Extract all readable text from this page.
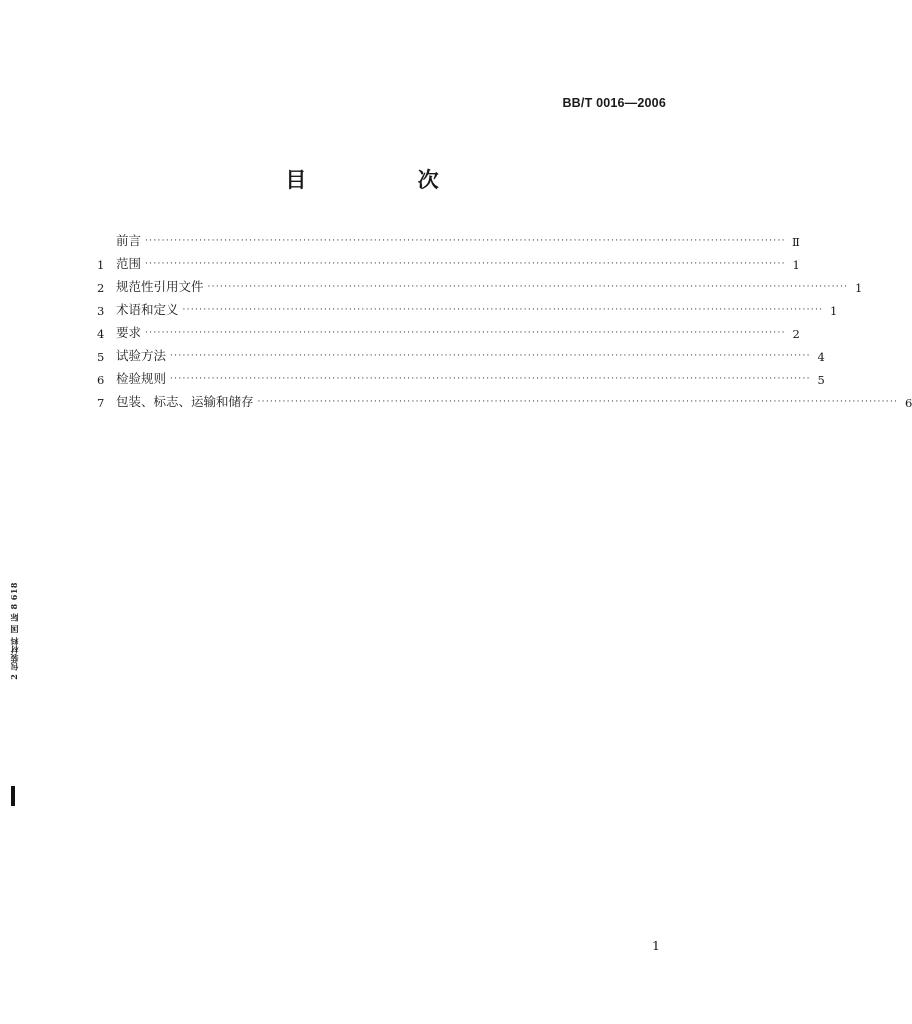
BB/T 0016—2006
目 次
前言 ·························································································································································· Ⅱ
1 范围 ·························································································································································· 1
2 规范性引用文件 ·························································································································································· 1
3 术语和定义 ·························································································································································· 1
4 要求 ·························································································································································· 2
5 试验方法 ·························································································································································· 4
6 检验规则 ·························································································································································· 5
7 包装、标志、运输和储存 ·························································································································································· 6
2 包装材料 国 际 8 618
1
